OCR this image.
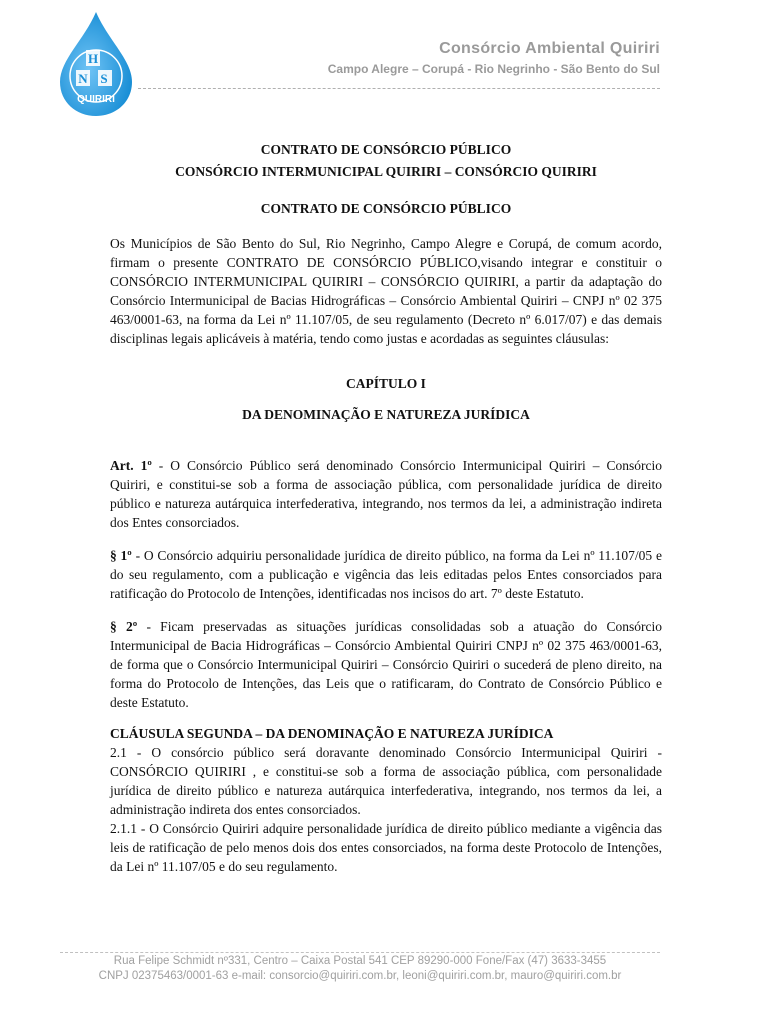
H
S
N
QUIRIRI
Consórcio Ambiental Quiriri
Campo Alegre – Corupá - Rio Negrinho - São Bento do Sul

CONTRATO DE CONSÓRCIO PÚBLICO

CONSÓRCIO INTERMUNICIPAL QUIRIRI – CONSÓRCIO QUIRIRI

CONTRATO DE CONSÓRCIO PÚBLICO

Os Municípios de São Bento do Sul, Rio Negrinho, Campo Alegre e Corupá, de comum acordo, firmam o presente CONTRATO DE CONSÓRCIO PÚBLICO,visando integrar e constituir o CONSÓRCIO INTERMUNICIPAL QUIRIRI – CONSÓRCIO QUIRIRI, a partir da adaptação do Consórcio Intermunicipal de Bacias Hidrográficas – Consórcio Ambiental Quiriri – CNPJ nº 02 375 463/0001-63, na forma da Lei nº 11.107/05, de seu regulamento (Decreto nº 6.017/07) e das demais disciplinas legais aplicáveis à matéria, tendo como justas e acordadas as seguintes cláusulas:

CAPÍTULO I

DA DENOMINAÇÃO E NATUREZA JURÍDICA

Art. 1º - O Consórcio Público será denominado Consórcio Intermunicipal Quiriri – Consórcio Quiriri, e constitui-se sob a forma de associação pública, com personalidade jurídica de direito público e natureza autárquica interfederativa, integrando, nos termos da lei, a administração indireta dos Entes consorciados.

§ 1º - O Consórcio adquiriu personalidade jurídica de direito público, na forma da Lei nº 11.107/05 e do seu regulamento, com a publicação e vigência das leis editadas pelos Entes consorciados para ratificação do Protocolo de Intenções, identificadas nos incisos do art. 7º deste Estatuto.

§ 2º - Ficam preservadas as situações jurídicas consolidadas sob a atuação do Consórcio Intermunicipal de Bacia Hidrográficas – Consórcio Ambiental Quiriri CNPJ nº 02 375 463/0001-63, de forma que o Consórcio Intermunicipal Quiriri – Consórcio Quiriri o sucederá de pleno direito, na forma do Protocolo de Intenções, das Leis que o ratificaram, do Contrato de Consórcio Público e deste Estatuto.

CLÁUSULA SEGUNDA – DA DENOMINAÇÃO E NATUREZA JURÍDICA

2.1 - O consórcio público será doravante denominado Consórcio Intermunicipal Quiriri - CONSÓRCIO QUIRIRI , e constitui-se sob a forma de associação pública, com personalidade jurídica de direito público e natureza autárquica interfederativa, integrando, nos termos da lei, a administração indireta dos entes consorciados.

2.1.1 - O Consórcio Quiriri adquire personalidade jurídica de direito público mediante a vigência das leis de ratificação de pelo menos dois dos entes consorciados, na forma deste Protocolo de Intenções, da Lei nº 11.107/05 e do seu regulamento.

Rua Felipe Schmidt nº331, Centro – Caixa Postal 541 CEP 89290-000 Fone/Fax (47) 3633-3455
CNPJ 02375463/0001-63 e-mail: consorcio@quiriri.com.br, leoni@quiriri.com.br, mauro@quiriri.com.br
